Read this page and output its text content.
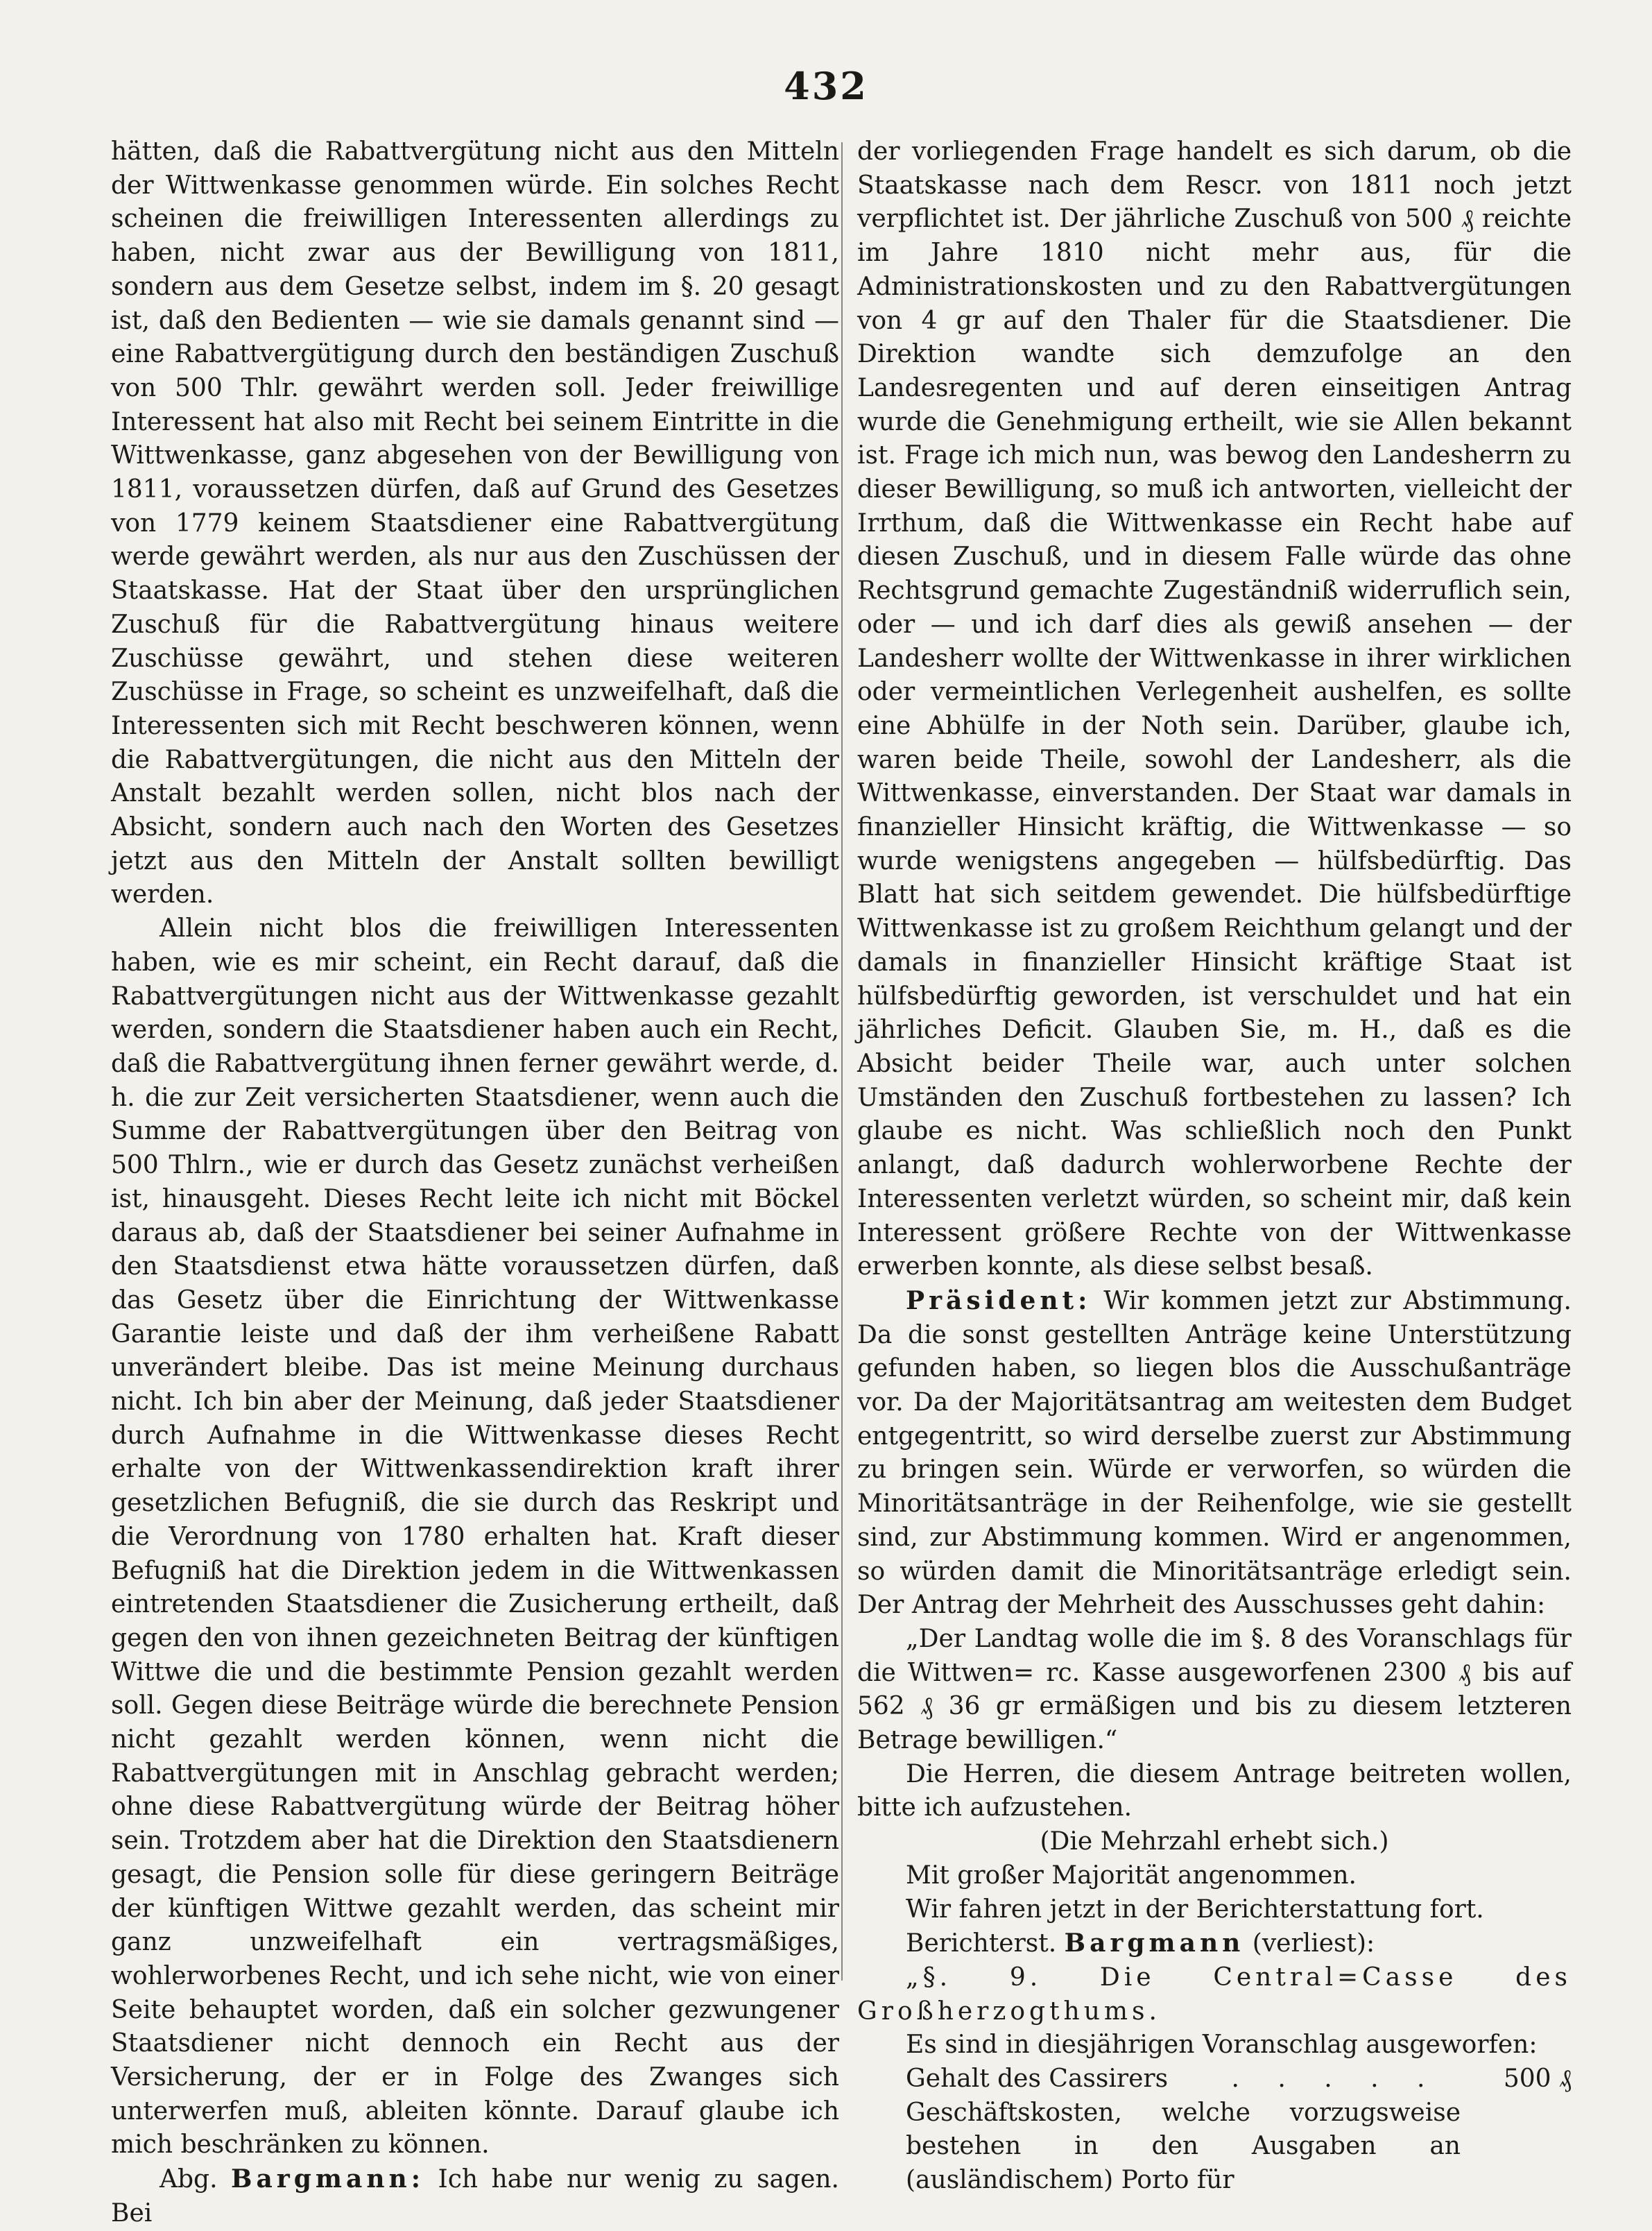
432

hätten, daß die Rabattvergütung nicht aus den Mitteln der Wittwenkasse genommen würde. Ein solches Recht scheinen die freiwilligen Interessenten allerdings zu haben, nicht zwar aus der Bewilligung von 1811, sondern aus dem Gesetze selbst, indem im §. 20 gesagt ist, daß den Bedienten — wie sie damals genannt sind — eine Rabattvergütigung durch den beständigen Zuschuß von 500 Thlr. gewährt werden soll. Jeder freiwillige Interessent hat also mit Recht bei seinem Eintritte in die Wittwenkasse, ganz abgesehen von der Bewilligung von 1811, voraussetzen dürfen, daß auf Grund des Gesetzes von 1779 keinem Staatsdiener eine Rabattvergütung werde gewährt werden, als nur aus den Zuschüssen der Staatskasse. Hat der Staat über den ursprünglichen Zuschuß für die Rabattvergütung hinaus weitere Zuschüsse gewährt, und stehen diese weiteren Zuschüsse in Frage, so scheint es unzweifelhaft, daß die Interessenten sich mit Recht beschweren können, wenn die Rabattvergütungen, die nicht aus den Mitteln der Anstalt bezahlt werden sollen, nicht blos nach der Absicht, sondern auch nach den Worten des Gesetzes jetzt aus den Mitteln der Anstalt sollten bewilligt werden.

Allein nicht blos die freiwilligen Interessenten haben, wie es mir scheint, ein Recht darauf, daß die Rabattvergütungen nicht aus der Wittwenkasse gezahlt werden, sondern die Staatsdiener haben auch ein Recht, daß die Rabattvergütung ihnen ferner gewährt werde, d. h. die zur Zeit versicherten Staatsdiener, wenn auch die Summe der Rabattvergütungen über den Beitrag von 500 Thlrn., wie er durch das Gesetz zunächst verheißen ist, hinausgeht. Dieses Recht leite ich nicht mit Böckel daraus ab, daß der Staatsdiener bei seiner Aufnahme in den Staatsdienst etwa hätte voraussetzen dürfen, daß das Gesetz über die Einrichtung der Wittwenkasse Garantie leiste und daß der ihm verheißene Rabatt unverändert bleibe. Das ist meine Meinung durchaus nicht. Ich bin aber der Meinung, daß jeder Staatsdiener durch Aufnahme in die Wittwenkasse dieses Recht erhalte von der Wittwenkassendirektion kraft ihrer gesetzlichen Befugniß, die sie durch das Reskript und die Verordnung von 1780 erhalten hat. Kraft dieser Befugniß hat die Direktion jedem in die Wittwenkassen eintretenden Staatsdiener die Zusicherung ertheilt, daß gegen den von ihnen gezeichneten Beitrag der künftigen Wittwe die und die bestimmte Pension gezahlt werden soll. Gegen diese Beiträge würde die berechnete Pension nicht gezahlt werden können, wenn nicht die Rabattvergütungen mit in Anschlag gebracht werden; ohne diese Rabattvergütung würde der Beitrag höher sein. Trotzdem aber hat die Direktion den Staatsdienern gesagt, die Pension solle für diese geringern Beiträge der künftigen Wittwe gezahlt werden, das scheint mir ganz unzweifelhaft ein vertragsmäßiges, wohlerworbenes Recht, und ich sehe nicht, wie von einer Seite behauptet worden, daß ein solcher gezwungener Staatsdiener nicht dennoch ein Recht aus der Versicherung, der er in Folge des Zwanges sich unterwerfen muß, ableiten könnte. Darauf glaube ich mich beschränken zu können.

Abg. Bargmann: Ich habe nur wenig zu sagen. Bei

der vorliegenden Frage handelt es sich darum, ob die Staatskasse nach dem Rescr. von 1811 noch jetzt verpflichtet ist. Der jährliche Zuschuß von 500 ₰ reichte im Jahre 1810 nicht mehr aus, für die Administrationskosten und zu den Rabattvergütungen von 4 gr auf den Thaler für die Staatsdiener. Die Direktion wandte sich demzufolge an den Landesregenten und auf deren einseitigen Antrag wurde die Genehmigung ertheilt, wie sie Allen bekannt ist. Frage ich mich nun, was bewog den Landesherrn zu dieser Bewilligung, so muß ich antworten, vielleicht der Irrthum, daß die Wittwenkasse ein Recht habe auf diesen Zuschuß, und in diesem Falle würde das ohne Rechtsgrund gemachte Zugeständniß widerruflich sein, oder — und ich darf dies als gewiß ansehen — der Landesherr wollte der Wittwenkasse in ihrer wirklichen oder vermeintlichen Verlegenheit aushelfen, es sollte eine Abhülfe in der Noth sein. Darüber, glaube ich, waren beide Theile, sowohl der Landesherr, als die Wittwenkasse, einverstanden. Der Staat war damals in finanzieller Hinsicht kräftig, die Wittwenkasse — so wurde wenigstens angegeben — hülfsbedürftig. Das Blatt hat sich seitdem gewendet. Die hülfsbedürftige Wittwenkasse ist zu großem Reichthum gelangt und der damals in finanzieller Hinsicht kräftige Staat ist hülfsbedürftig geworden, ist verschuldet und hat ein jährliches Deficit. Glauben Sie, m. H., daß es die Absicht beider Theile war, auch unter solchen Umständen den Zuschuß fortbestehen zu lassen? Ich glaube es nicht. Was schließlich noch den Punkt anlangt, daß dadurch wohlerworbene Rechte der Interessenten verletzt würden, so scheint mir, daß kein Interessent größere Rechte von der Wittwenkasse erwerben konnte, als diese selbst besaß.

Präsident: Wir kommen jetzt zur Abstimmung. Da die sonst gestellten Anträge keine Unterstützung gefunden haben, so liegen blos die Ausschußanträge vor. Da der Majoritätsantrag am weitesten dem Budget entgegentritt, so wird derselbe zuerst zur Abstimmung zu bringen sein. Würde er verworfen, so würden die Minoritätsanträge in der Reihenfolge, wie sie gestellt sind, zur Abstimmung kommen. Wird er angenommen, so würden damit die Minoritätsanträge erledigt sein. Der Antrag der Mehrheit des Ausschusses geht dahin:

„Der Landtag wolle die im §. 8 des Voranschlags für die Wittwen= rc. Kasse ausgeworfenen 2300 ₰ bis auf 562 ₰ 36 gr ermäßigen und bis zu diesem letzteren Betrage bewilligen.“

Die Herren, die diesem Antrage beitreten wollen, bitte ich aufzustehen.

(Die Mehrzahl erhebt sich.)

Mit großer Majorität angenommen.

Wir fahren jetzt in der Berichterstattung fort.

Berichterst. Bargmann (verliest):

„§. 9. Die Central=Casse des Großherzogthums.

Es sind in diesjährigen Voranschlag ausgeworfen:

Gehalt des Cassirers	. . . . .	500 ₰

Geschäftskosten, welche vorzugsweise bestehen in den Ausgaben an (ausländischem) Porto für
